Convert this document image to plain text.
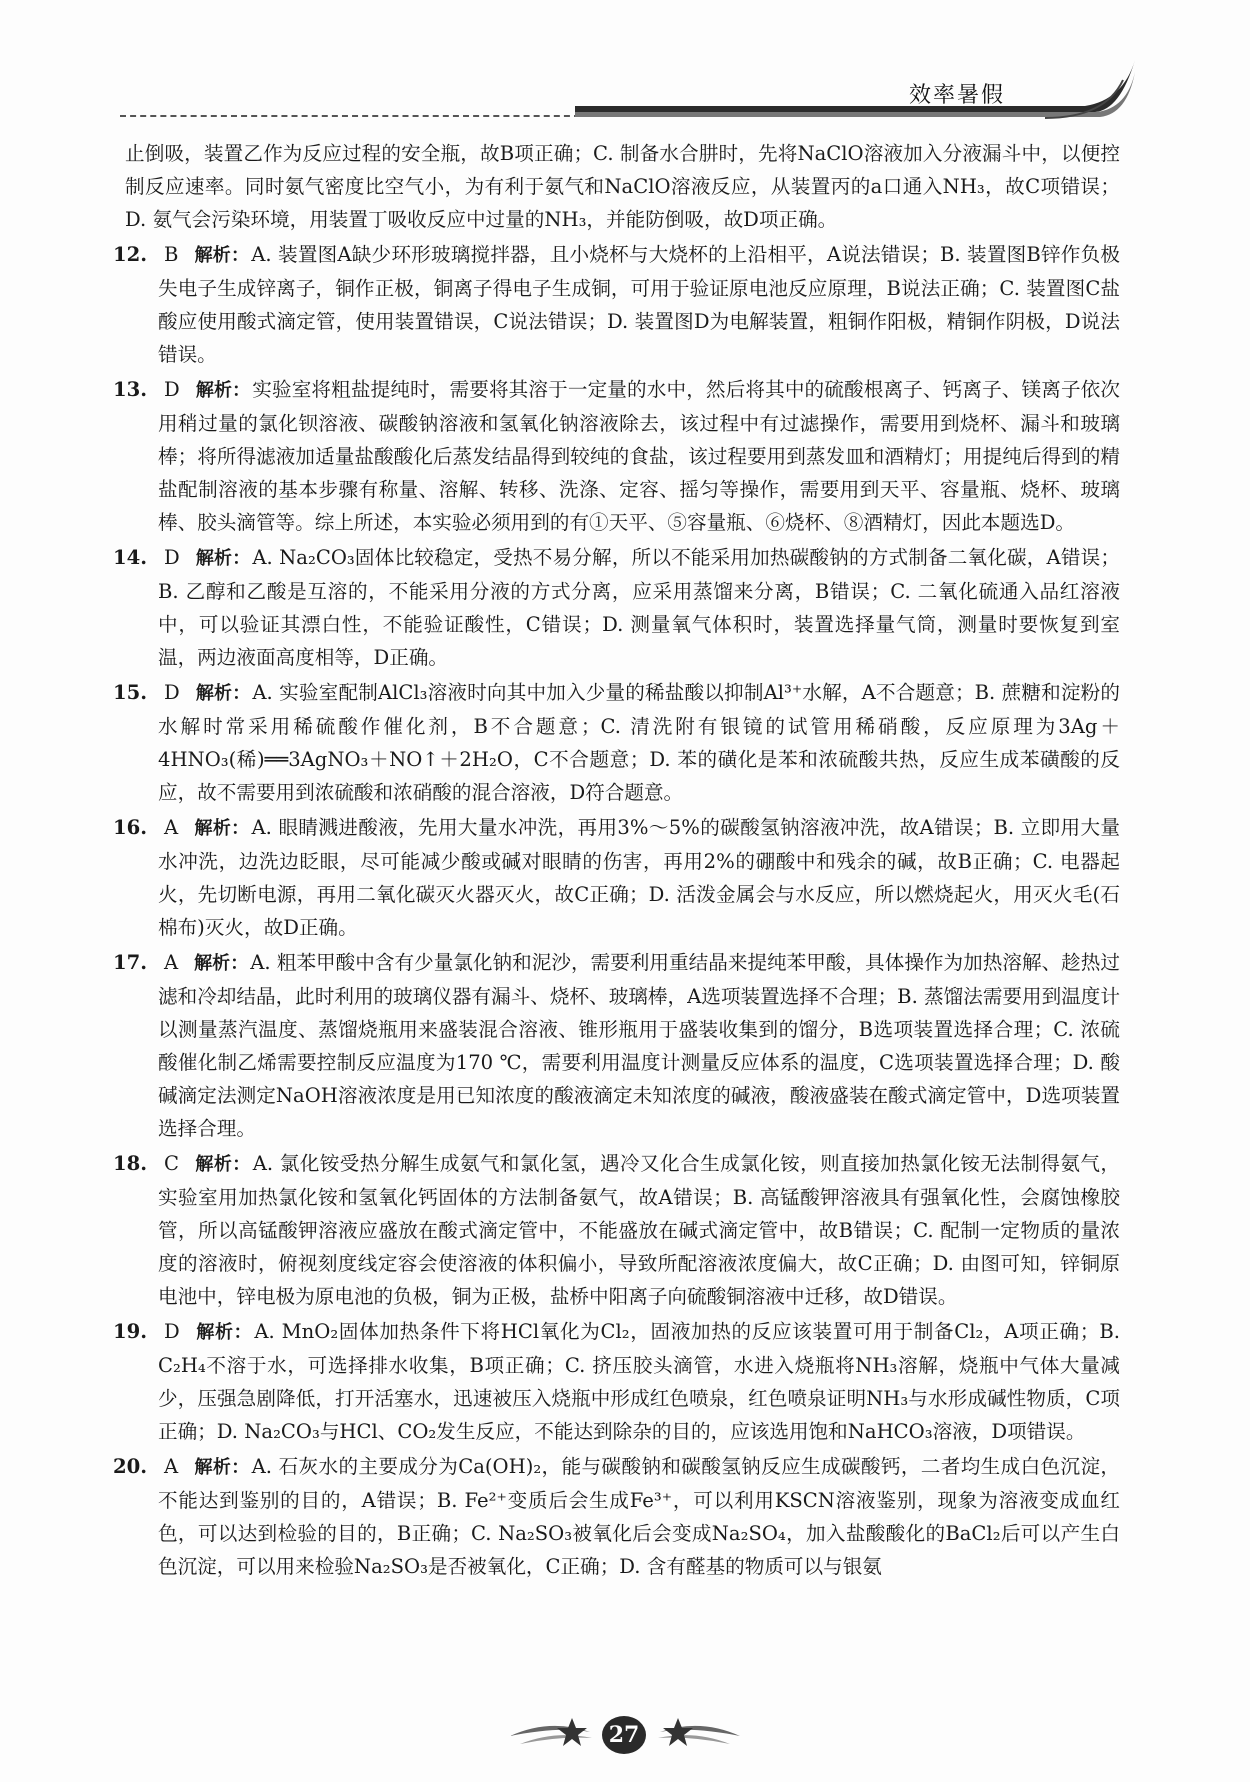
效率暑假

止倒吸，装置乙作为反应过程的安全瓶，故B项正确；C. 制备水合肼时，先将NaClO溶液加入分液漏斗中，以便控制反应速率。同时氨气密度比空气小，为有利于氨气和NaClO溶液反应，从装置丙的a口通入NH₃，故C项错误；D. 氨气会污染环境，用装置丁吸收反应中过量的NH₃，并能防倒吸，故D项正确。

12. B 解析： A. 装置图A缺少环形玻璃搅拌器，且小烧杯与大烧杯的上沿相平，A说法错误；B. 装置图B锌作负极失电子生成锌离子，铜作正极，铜离子得电子生成铜，可用于验证原电池反应原理，B说法正确；C. 装置图C盐酸应使用酸式滴定管，使用装置错误，C说法错误；D. 装置图D为电解装置，粗铜作阳极，精铜作阴极，D说法错误。
13. D 解析： 实验室将粗盐提纯时，需要将其溶于一定量的水中，然后将其中的硫酸根离子、钙离子、镁离子依次用稍过量的氯化钡溶液、碳酸钠溶液和氢氧化钠溶液除去，该过程中有过滤操作，需要用到烧杯、漏斗和玻璃棒；将所得滤液加适量盐酸酸化后蒸发结晶得到较纯的食盐，该过程要用到蒸发皿和酒精灯；用提纯后得到的精盐配制溶液的基本步骤有称量、溶解、转移、洗涤、定容、摇匀等操作，需要用到天平、容量瓶、烧杯、玻璃棒、胶头滴管等。综上所述，本实验必须用到的有①天平、⑤容量瓶、⑥烧杯、⑧酒精灯，因此本题选D。
14. D 解析： A. Na₂CO₃固体比较稳定，受热不易分解，所以不能采用加热碳酸钠的方式制备二氧化碳，A错误；B. 乙醇和乙酸是互溶的，不能采用分液的方式分离，应采用蒸馏来分离，B错误；C. 二氧化硫通入品红溶液中，可以验证其漂白性，不能验证酸性，C错误；D. 测量氧气体积时，装置选择量气筒，测量时要恢复到室温，两边液面高度相等，D正确。
15. D 解析： A. 实验室配制AlCl₃溶液时向其中加入少量的稀盐酸以抑制Al³⁺水解，A不合题意；B. 蔗糖和淀粉的水解时常采用稀硫酸作催化剂，B不合题意；C. 清洗附有银镜的试管用稀硝酸，反应原理为3Ag＋4HNO₃(稀)══3AgNO₃＋NO↑＋2H₂O，C不合题意；D. 苯的磺化是苯和浓硫酸共热，反应生成苯磺酸的反应，故不需要用到浓硫酸和浓硝酸的混合溶液，D符合题意。
16. A 解析： A. 眼睛溅进酸液，先用大量水冲洗，再用3%～5%的碳酸氢钠溶液冲洗，故A错误；B. 立即用大量水冲洗，边洗边眨眼，尽可能减少酸或碱对眼睛的伤害，再用2%的硼酸中和残余的碱，故B正确；C. 电器起火，先切断电源，再用二氧化碳灭火器灭火，故C正确；D. 活泼金属会与水反应，所以燃烧起火，用灭火毛(石棉布)灭火，故D正确。
17. A 解析： A. 粗苯甲酸中含有少量氯化钠和泥沙，需要利用重结晶来提纯苯甲酸，具体操作为加热溶解、趁热过滤和冷却结晶，此时利用的玻璃仪器有漏斗、烧杯、玻璃棒，A选项装置选择不合理；B. 蒸馏法需要用到温度计以测量蒸汽温度、蒸馏烧瓶用来盛装混合溶液、锥形瓶用于盛装收集到的馏分，B选项装置选择合理；C. 浓硫酸催化制乙烯需要控制反应温度为170 ℃，需要利用温度计测量反应体系的温度，C选项装置选择合理；D. 酸碱滴定法测定NaOH溶液浓度是用已知浓度的酸液滴定未知浓度的碱液，酸液盛装在酸式滴定管中，D选项装置选择合理。
18. C 解析： A. 氯化铵受热分解生成氨气和氯化氢，遇冷又化合生成氯化铵，则直接加热氯化铵无法制得氨气，实验室用加热氯化铵和氢氧化钙固体的方法制备氨气，故A错误；B. 高锰酸钾溶液具有强氧化性，会腐蚀橡胶管，所以高锰酸钾溶液应盛放在酸式滴定管中，不能盛放在碱式滴定管中，故B错误；C. 配制一定物质的量浓度的溶液时，俯视刻度线定容会使溶液的体积偏小，导致所配溶液浓度偏大，故C正确；D. 由图可知，锌铜原电池中，锌电极为原电池的负极，铜为正极，盐桥中阳离子向硫酸铜溶液中迁移，故D错误。
19. D 解析： A. MnO₂固体加热条件下将HCl氧化为Cl₂，固液加热的反应该装置可用于制备Cl₂，A项正确；B. C₂H₄不溶于水，可选择排水收集，B项正确；C. 挤压胶头滴管，水进入烧瓶将NH₃溶解，烧瓶中气体大量减少，压强急剧降低，打开活塞水，迅速被压入烧瓶中形成红色喷泉，红色喷泉证明NH₃与水形成碱性物质，C项正确；D. Na₂CO₃与HCl、CO₂发生反应，不能达到除杂的目的，应该选用饱和NaHCO₃溶液，D项错误。
20. A 解析： A. 石灰水的主要成分为Ca(OH)₂，能与碳酸钠和碳酸氢钠反应生成碳酸钙，二者均生成白色沉淀，不能达到鉴别的目的，A错误；B. Fe²⁺变质后会生成Fe³⁺，可以利用KSCN溶液鉴别，现象为溶液变成血红色，可以达到检验的目的，B正确；C. Na₂SO₃被氧化后会变成Na₂SO₄，加入盐酸酸化的BaCl₂后可以产生白色沉淀，可以用来检验Na₂SO₃是否被氧化，C正确；D. 含有醛基的物质可以与银氨
27
